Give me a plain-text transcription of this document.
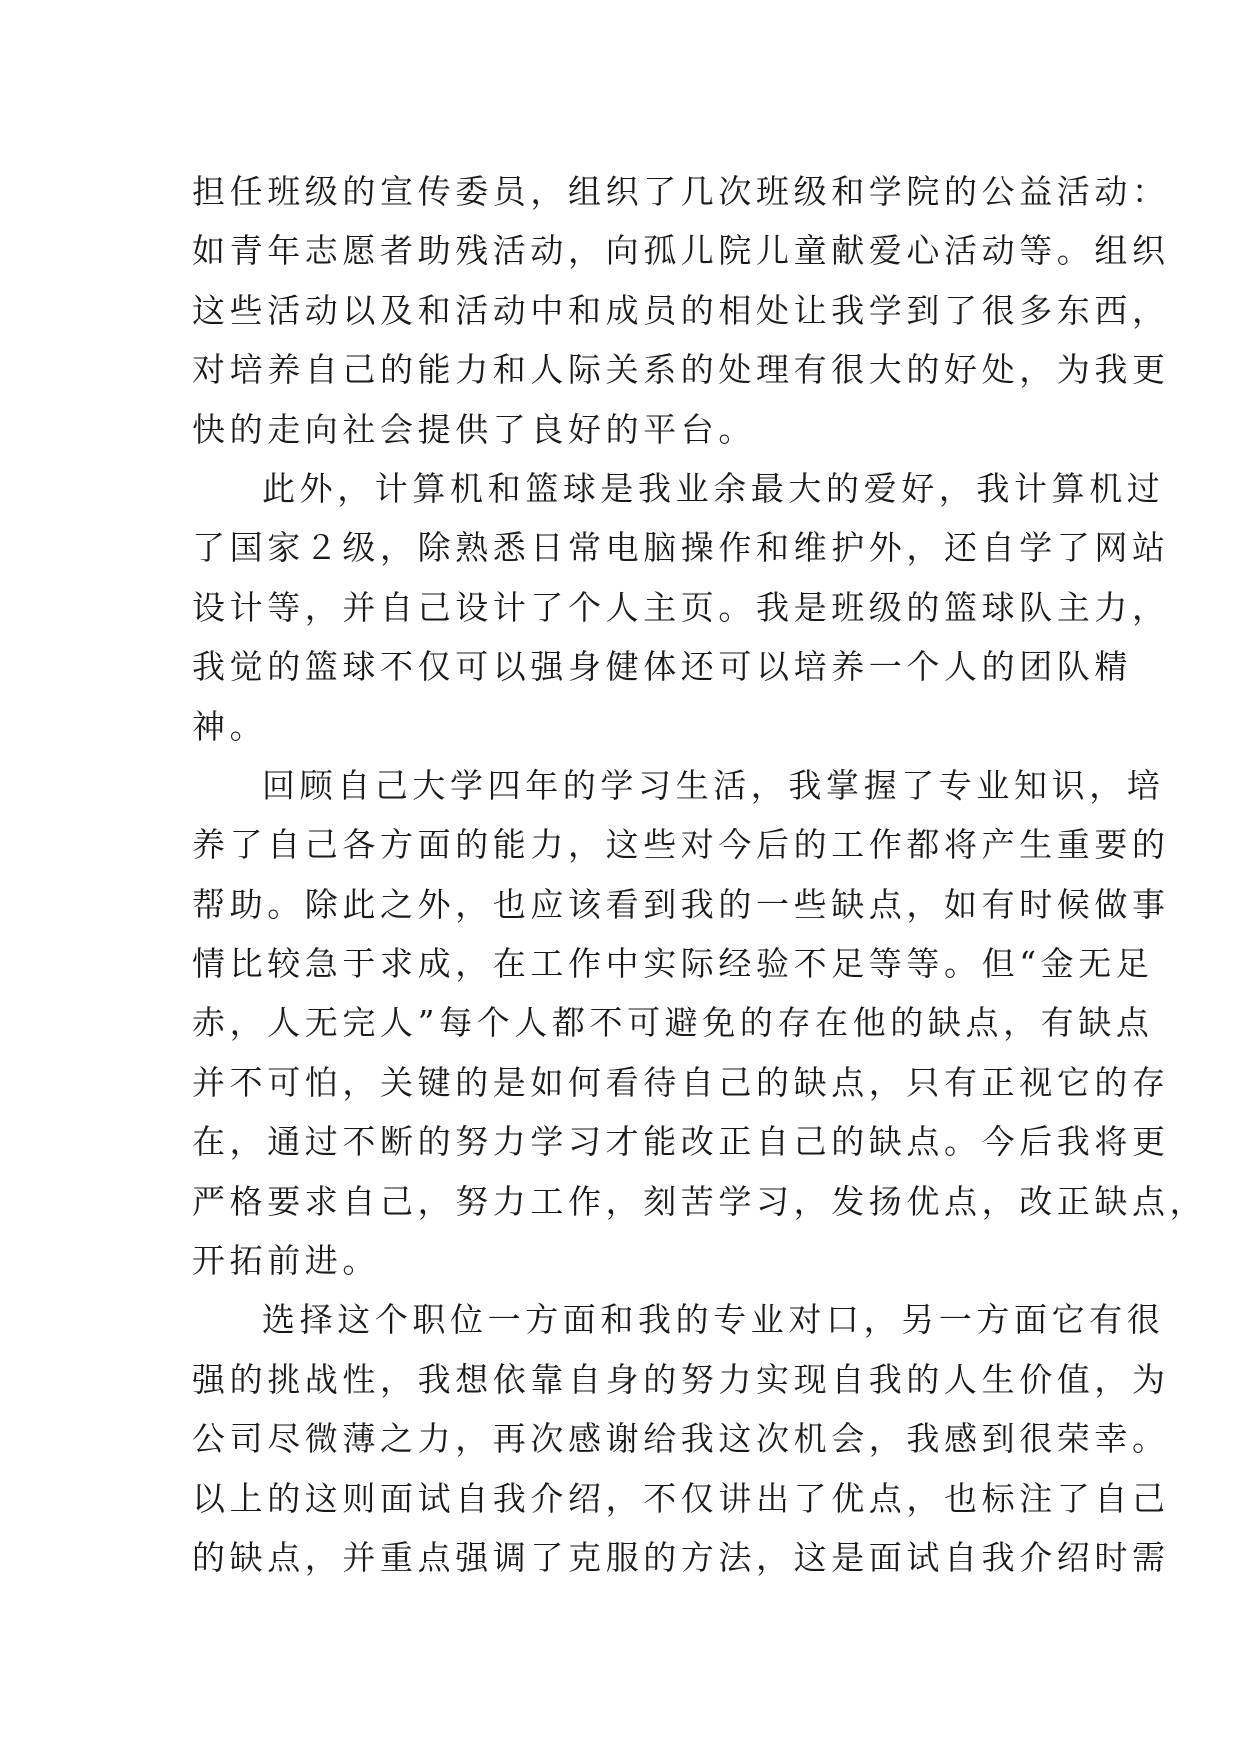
担任班级的宣传委员，组织了几次班级和学院的公益活动：
如青年志愿者助残活动，向孤儿院儿童献爱心活动等。组织
这些活动以及和活动中和成员的相处让我学到了很多东西，
对培养自己的能力和人际关系的处理有很大的好处，为我更
快的走向社会提供了良好的平台。
此外，计算机和篮球是我业余最大的爱好，我计算机过
了国家２级，除熟悉日常电脑操作和维护外，还自学了网站
设计等，并自己设计了个人主页。我是班级的篮球队主力，
我觉的篮球不仅可以强身健体还可以培养一个人的团队精
神。
回顾自己大学四年的学习生活，我掌握了专业知识，培
养了自己各方面的能力，这些对今后的工作都将产生重要的
帮助。除此之外，也应该看到我的一些缺点，如有时候做事
情比较急于求成，在工作中实际经验不足等等。但“金无足
赤，人无完人”每个人都不可避免的存在他的缺点，有缺点
并不可怕，关键的是如何看待自己的缺点，只有正视它的存
在，通过不断的努力学习才能改正自己的缺点。今后我将更
严格要求自己，努力工作，刻苦学习，发扬优点，改正缺点，
开拓前进。
选择这个职位一方面和我的专业对口，另一方面它有很
强的挑战性，我想依靠自身的努力实现自我的人生价值，为
公司尽微薄之力，再次感谢给我这次机会，我感到很荣幸。
以上的这则面试自我介绍，不仅讲出了优点，也标注了自己
的缺点，并重点强调了克服的方法，这是面试自我介绍时需
